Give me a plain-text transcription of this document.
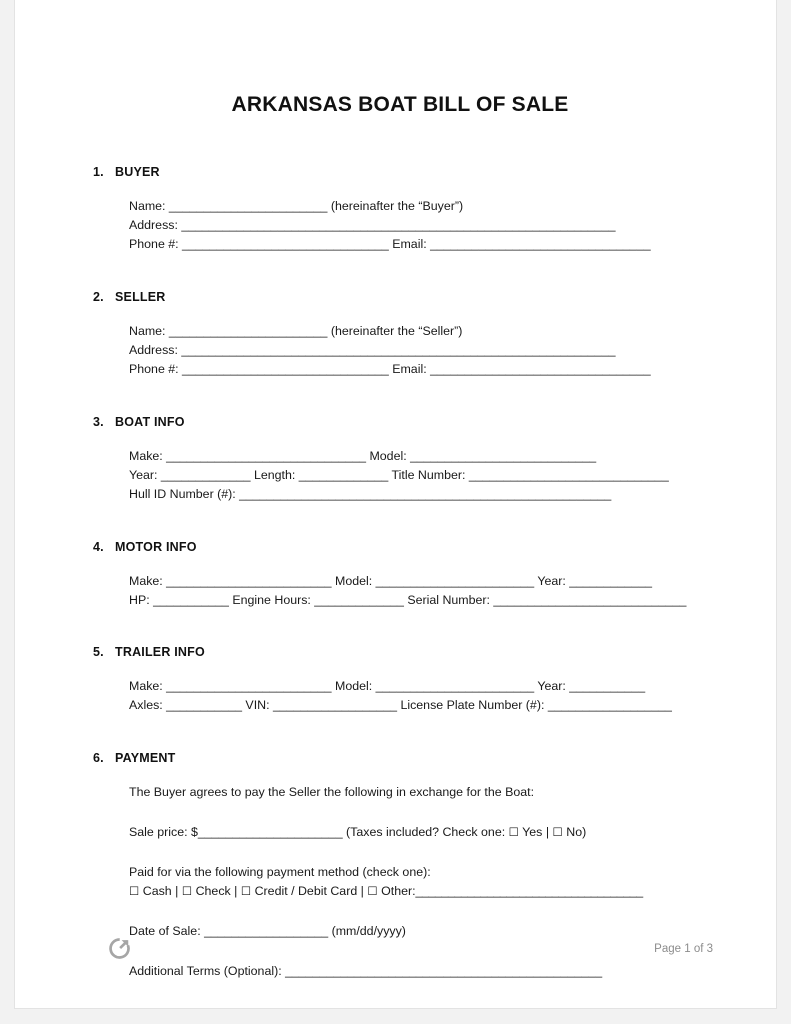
ARKANSAS BOAT BILL OF SALE
1. BUYER
Name: _______________________ (hereinafter the “Buyer”)
Address: _______________________________________________________________
Phone #: ______________________________ Email: ________________________________
2. SELLER
Name: _______________________ (hereinafter the “Seller”)
Address: _______________________________________________________________
Phone #: ______________________________ Email: ________________________________
3. BOAT INFO
Make: _____________________________ Model: ___________________________
Year: _____________ Length: _____________ Title Number: _____________________________
Hull ID Number (#): ______________________________________________________
4. MOTOR INFO
Make: ________________________ Model: _______________________ Year: ____________
HP: ___________ Engine Hours: _____________ Serial Number: ____________________________
5. TRAILER INFO
Make: ________________________ Model: _______________________ Year: ___________
Axles: ___________ VIN: __________________ License Plate Number (#): __________________
6. PAYMENT
The Buyer agrees to pay the Seller the following in exchange for the Boat:
Sale price: $_____________________ (Taxes included? Check one: ☐ Yes | ☐ No)
Paid for via the following payment method (check one):
☐ Cash | ☐ Check | ☐ Credit / Debit Card | ☐ Other:___________________________________
Date of Sale: __________________ (mm/dd/yyyy)
Additional Terms (Optional): ______________________________________________
Page 1 of 3
